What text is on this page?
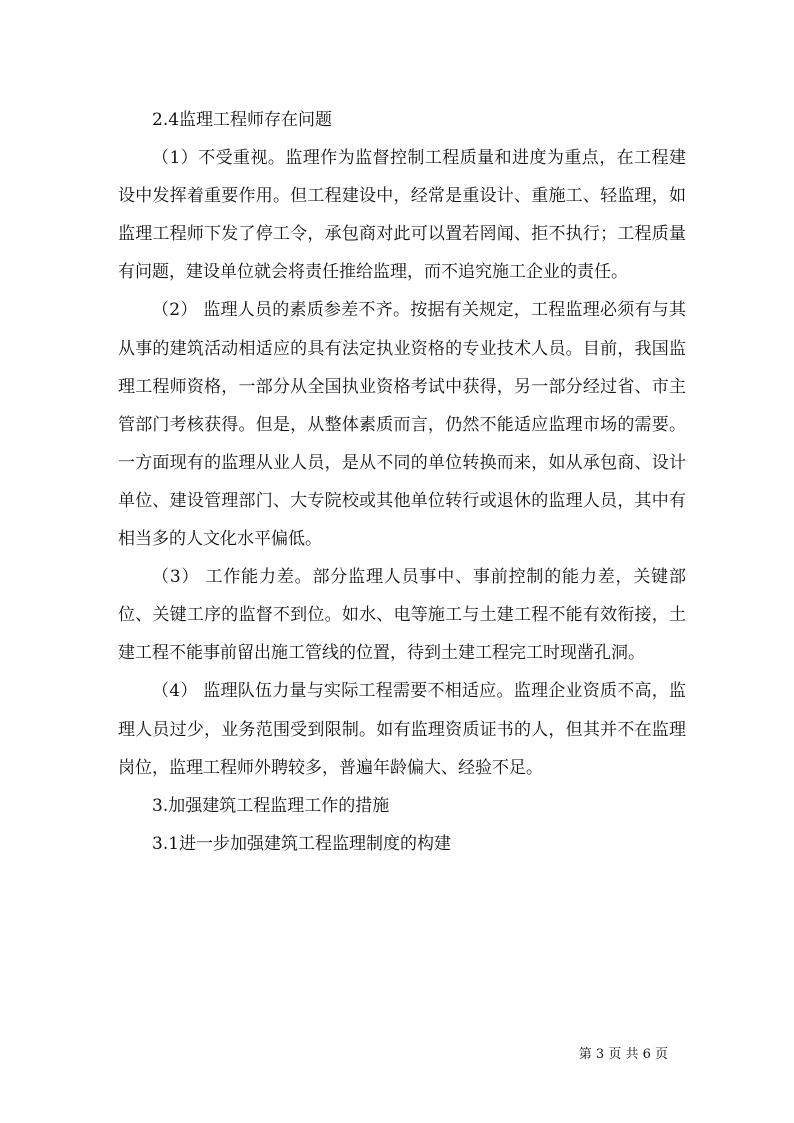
2.4监理工程师存在问题

（1）不受重视。监理作为监督控制工程质量和进度为重点，在工程建设中发挥着重要作用。但工程建设中，经常是重设计、重施工、轻监理，如监理工程师下发了停工令，承包商对此可以置若罔闻、拒不执行；工程质量有问题，建设单位就会将责任推给监理，而不追究施工企业的责任。

（2） 监理人员的素质参差不齐。按据有关规定，工程监理必须有与其从事的建筑活动相适应的具有法定执业资格的专业技术人员。目前，我国监理工程师资格，一部分从全国执业资格考试中获得，另一部分经过省、市主管部门考核获得。但是，从整体素质而言，仍然不能适应监理市场的需要。一方面现有的监理从业人员，是从不同的单位转换而来，如从承包商、设计单位、建设管理部门、大专院校或其他单位转行或退休的监理人员，其中有相当多的人文化水平偏低。

（3） 工作能力差。部分监理人员事中、事前控制的能力差，关键部位、关键工序的监督不到位。如水、电等施工与土建工程不能有效衔接，土建工程不能事前留出施工管线的位置，待到土建工程完工时现凿孔洞。

（4） 监理队伍力量与实际工程需要不相适应。监理企业资质不高，监理人员过少，业务范围受到限制。如有监理资质证书的人，但其并不在监理岗位，监理工程师外聘较多，普遍年龄偏大、经验不足。

3.加强建筑工程监理工作的措施

3.1进一步加强建筑工程监理制度的构建

第 3 页 共 6 页
